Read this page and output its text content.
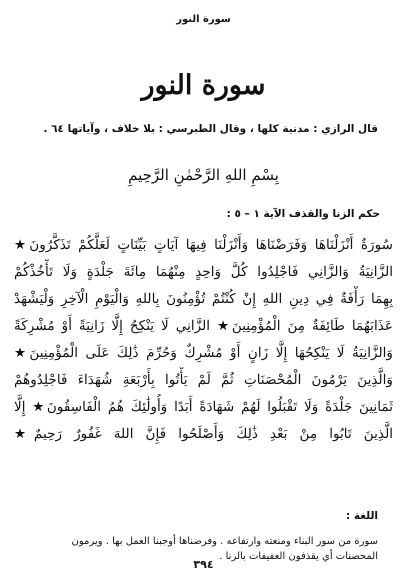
سورة النور
سورة النور
قال الرازي : مدنية كلها ، وقال الطبرسي : بلا خلاف ، وآياتها ٦٤ .
بِسْمِ اللهِ الرَّحْمٰنِ الرَّحِيمِ
حكم الزنا والقذف الآية ١ – ٥ :
سُورَةٌ أَنْزَلْنَاهَا وَفَرَضْنَاهَا وَأَنْزَلْنَا فِيهَا آيَاتٍ بَيِّنَاتٍ لَعَلَّكُمْ تَذَكَّرُونَ★
الزَّانِيَةُ وَالزَّانِي فَاجْلِدُوا كُلَّ وَاحِدٍ مِنْهُمَا مِائَةَ جَلْدَةٍ وَلَا تَأْخُذْكُمْ
بِهِمَا رَأْفَةٌ فِي دِينِ اللهِ إِنْ كُنْتُمْ تُؤْمِنُونَ بِاللهِ وَالْيَوْمِ الْآخِرِ وَلْيَشْهَدْ
عَذَابَهُمَا طَائِفَةٌ مِنَ الْمُؤْمِنِينَ★ الزَّانِي لَا يَنْكِحُ إِلَّا زَانِيَةً أَوْ مُشْرِكَةً
وَالزَّانِيَةُ لَا يَنْكِحُهَا إِلَّا زَانٍ أَوْ مُشْرِكٌ وَحُرِّمَ ذَٰلِكَ عَلَى الْمُؤْمِنِينَ★
وَالَّذِينَ يَرْمُونَ الْمُحْصَنَاتِ ثُمَّ لَمْ يَأْتُوا بِأَرْبَعَةِ شُهَدَاءَ فَاجْلِدُوهُمْ
ثَمَانِينَ جَلْدَةً وَلَا تَقْبَلُوا لَهُمْ شَهَادَةً أَبَدًا وَأُولَٰئِكَ هُمُ الْفَاسِقُونَ★ إِلَّا
الَّذِينَ تَابُوا مِنْ بَعْدِ ذَٰلِكَ وَأَصْلَحُوا فَإِنَّ اللهَ غَفُورٌ رَحِيمٌ★
اللغة :
سورة من سور البناء ومنعته وارتفاعه . وفرضناها أوجبنا العمل بها . ويرمون
المحصنات أي يقذفون العفيفات بالزنا .
٣٩٤
